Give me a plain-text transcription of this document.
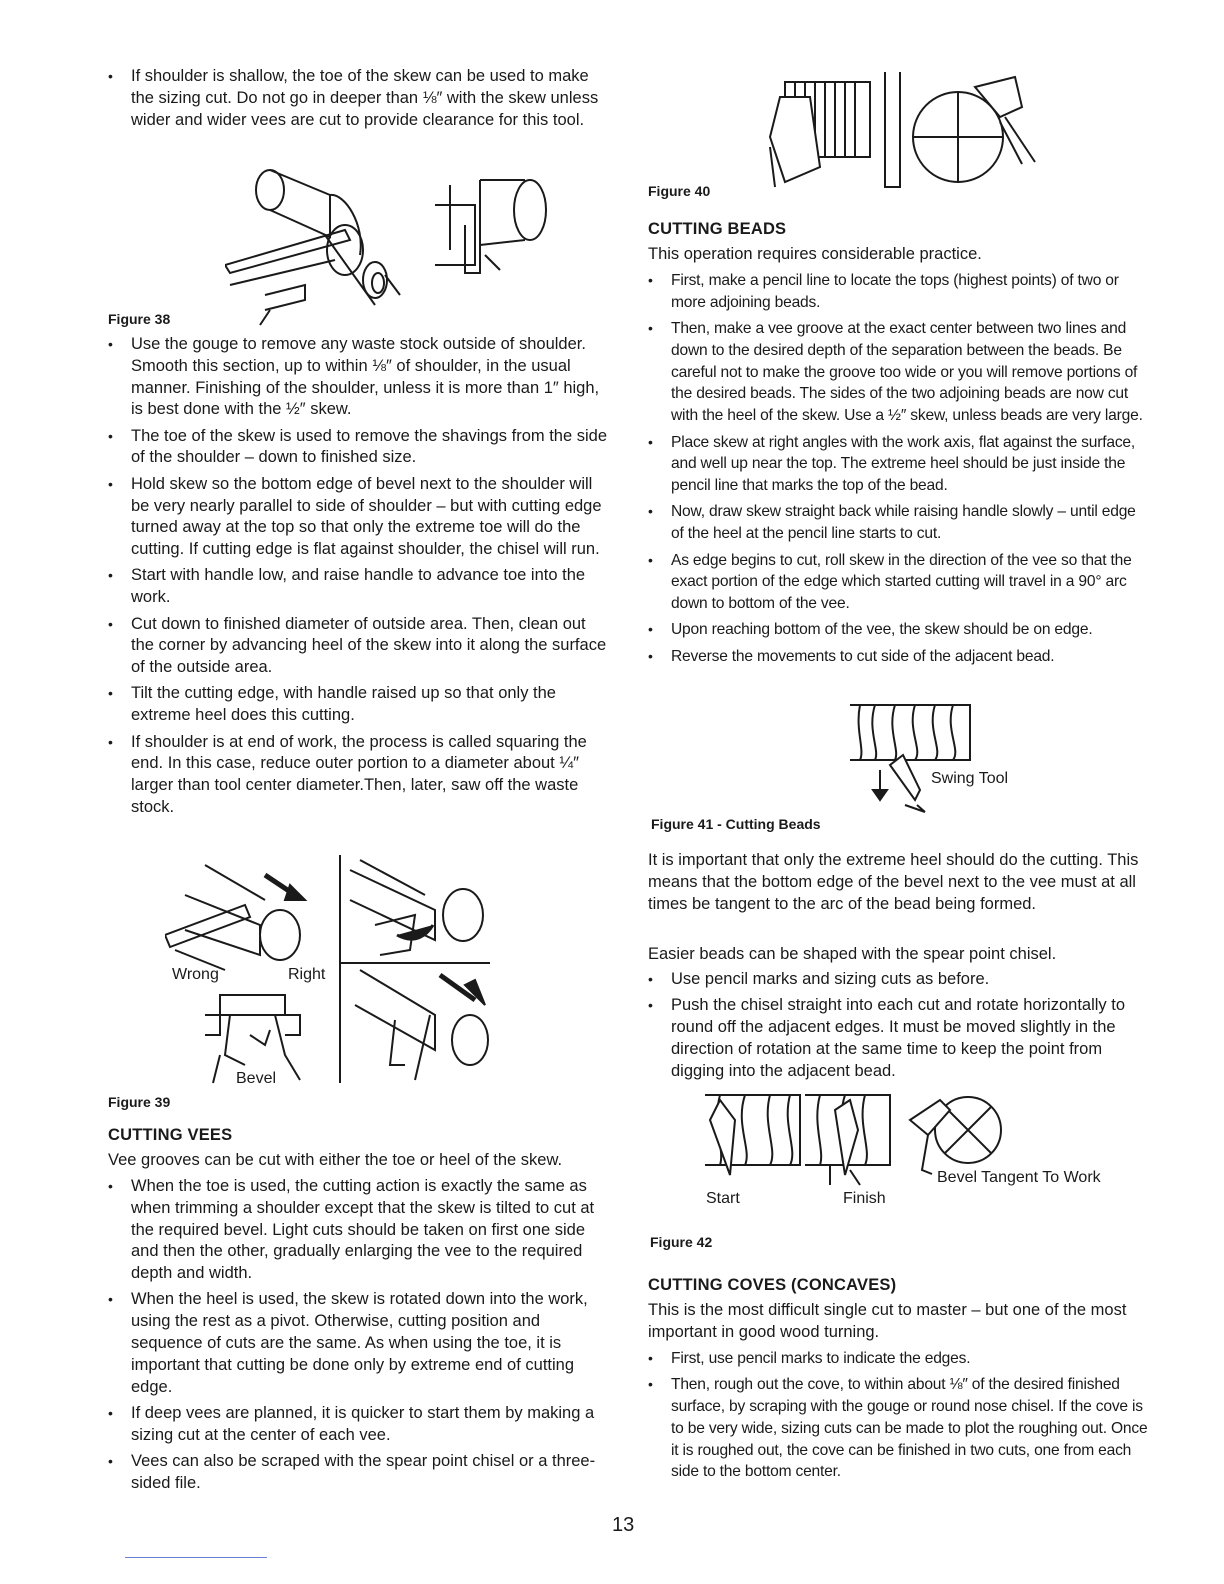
• If shoulder is shallow, the toe of the skew can be used to make the sizing cut. Do not go in deeper than ⅛″ with the skew unless wider and wider vees are cut to provide clearance for this tool.
Figure 38
• Use the gouge to remove any waste stock outside of shoulder. Smooth this section, up to within ⅛″ of shoulder, in the usual manner. Finishing of the shoulder, unless it is more than 1″ high, is best done with the ½″ skew.
• The toe of the skew is used to remove the shavings from the side of the shoulder – down to finished size.
• Hold skew so the bottom edge of bevel next to the shoulder will be very nearly parallel to side of shoulder – but with cutting edge turned away at the top so that only the extreme toe will do the cutting. If cutting edge is flat against shoulder, the chisel will run.
• Start with handle low, and raise handle to advance toe into the work.
• Cut down to finished diameter of outside area. Then, clean out the corner by advancing heel of the skew into it along the surface of the outside area.
• Tilt the cutting edge, with handle raised up so that only the extreme heel does this cutting.
• If shoulder is at end of work, the process is called squaring the end. In this case, reduce outer portion to a diameter about ¼″ larger than tool center diameter.Then, later, saw off the waste stock.
Wrong	Right
Bevel
Figure 39
CUTTING VEES

Vee grooves can be cut with either the toe or heel of the skew.

• When the toe is used, the cutting action is exactly the same as when trimming a shoulder except that the skew is tilted to cut at the required bevel. Light cuts should be taken on first one side and then the other, gradually enlarging the vee to the required depth and width.
• When the heel is used, the skew is rotated down into the work, using the rest as a pivot. Otherwise, cutting position and sequence of cuts are the same. As when using the toe, it is important that cutting be done only by extreme end of cutting edge.
• If deep vees are planned, it is quicker to start them by making a sizing cut at the center of each vee.
• Vees can also be scraped with the spear point chisel or a three-sided file.
Figure 40
CUTTING BEADS

This operation requires considerable practice.

• First, make a pencil line to locate the tops (highest points) of two or more adjoining beads.
• Then, make a vee groove at the exact center between two lines and down to the desired depth of the separation between the beads. Be careful not to make the groove too wide or you will remove portions of the desired beads. The sides of the two adjoining beads are now cut with the heel of the skew. Use a ½″ skew, unless beads are very large.
• Place skew at right angles with the work axis, flat against the surface, and well up near the top. The extreme heel should be just inside the pencil line that marks the top of the bead.
• Now, draw skew straight back while raising handle slowly – until edge of the heel at the pencil line starts to cut.
• As edge begins to cut, roll skew in the direction of the vee so that the exact portion of the edge which started cutting will travel in a 90° arc down to bottom of the vee.
• Upon reaching bottom of the vee, the skew should be on edge.
• Reverse the movements to cut side of the adjacent bead.
Swing Tool
Figure 41 - Cutting Beads

It is important that only the extreme heel should do the cutting. This means that the bottom edge of the bevel next to the vee must at all times be tangent to the arc of the bead being formed.

Easier beads can be shaped with the spear point chisel.

• Use pencil marks and sizing cuts as before.
• Push the chisel straight into each cut and rotate horizontally to round off the adjacent edges. It must be moved slightly in the direction of rotation at the same time to keep the point from digging into the adjacent bead.
Start	Finish
Bevel Tangent To Work
Figure 42
CUTTING COVES (CONCAVES)

This is the most difficult single cut to master – but one of the most important in good wood turning.

• First, use pencil marks to indicate the edges.
• Then, rough out the cove, to within about ⅛″ of the desired finished surface, by scraping with the gouge or round nose chisel. If the cove is to be very wide, sizing cuts can be made to plot the roughing out. Once it is roughed out, the cove can be finished in two cuts, one from each side to the bottom center.
13
